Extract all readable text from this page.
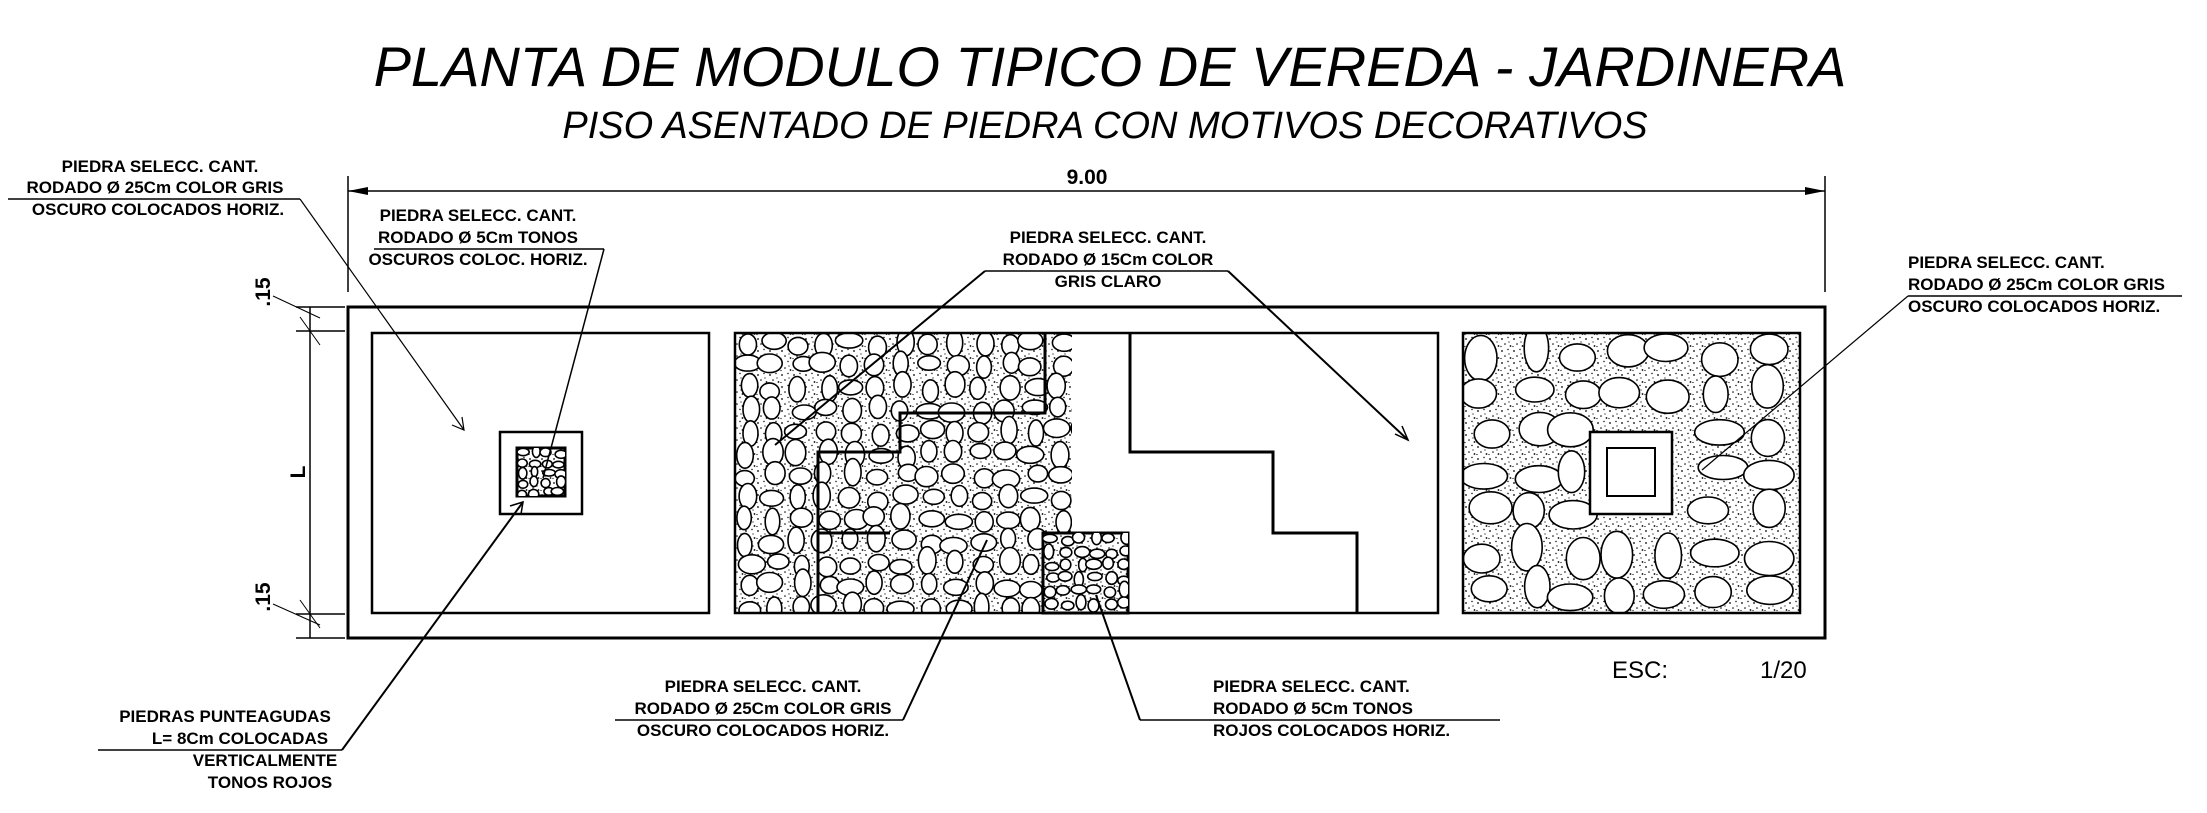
PLANTA DE MODULO TIPICO DE VEREDA - JARDINERA
PISO ASENTADO DE PIEDRA CON MOTIVOS DECORATIVOS
9.00
.15
L
.15
ESC:	1/20
PIEDRA SELECC. CANT.
RODADO Ø 25Cm COLOR GRIS
OSCURO COLOCADOS HORIZ.	PIEDRA SELECC. CANT.
RODADO Ø 5Cm TONOS
OSCUROS COLOC. HORIZ.
PIEDRA SELECC. CANT.
RODADO Ø 15Cm COLOR
GRIS CLARO
PIEDRA SELECC. CANT.
RODADO Ø 25Cm COLOR GRIS
OSCURO COLOCADOS HORIZ.
PIEDRAS PUNTEAGUDAS
L= 8Cm COLOCADAS
VERTICALMENTE
TONOS ROJOS
PIEDRA SELECC. CANT.
RODADO Ø 25Cm COLOR GRIS
OSCURO COLOCADOS HORIZ.
PIEDRA SELECC. CANT.
RODADO Ø 5Cm TONOS
ROJOS COLOCADOS HORIZ.
